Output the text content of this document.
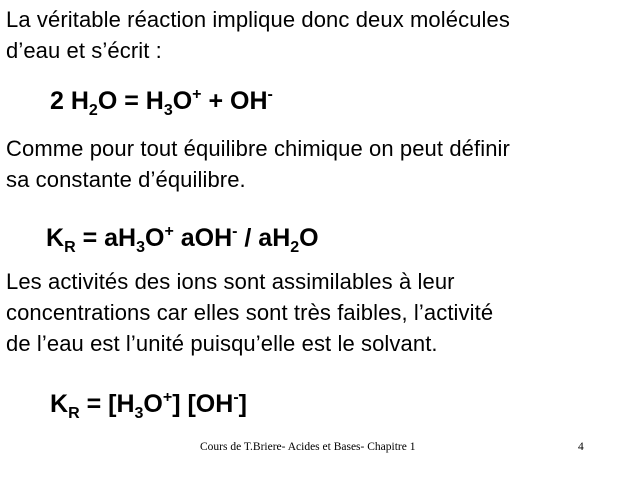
La véritable réaction implique donc deux molécules
d’eau et s’écrit :
2 $H_2O = H_3O^+ + OH^-$
Comme pour tout équilibre chimique on peut définir
sa constante d’équilibre.
$K_R = aH_3O^+$ $aOH^- / aH_2O$
Les activités des ions sont assimilables à leur
concentrations car elles sont très faibles, l’activité
de l’eau est l’unité puisqu’elle est le solvant.
$K_R = [H_3O^+]$ [OH-]
Cours de T.Briere- Acides et Bases- Chapitre 1	4
